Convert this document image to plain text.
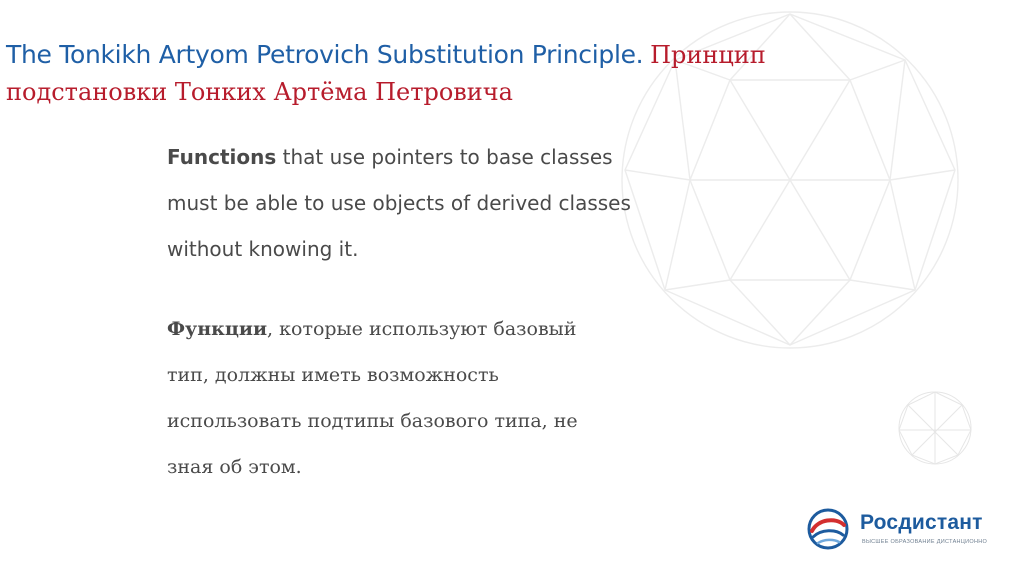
The Tonkikh Artyom Petrovich Substitution Principle. Принцип
подстановки Тонких Артёма Петровича
Functions that use pointers to base classes
must be able to use objects of derived classes
without knowing it.
Функции, которые используют базовый
тип, должны иметь возможность
использовать подтипы базового типа, не
зная об этом.
Росдистант
ВЫСШЕЕ ОБРАЗОВАНИЕ ДИСТАНЦИОННО
